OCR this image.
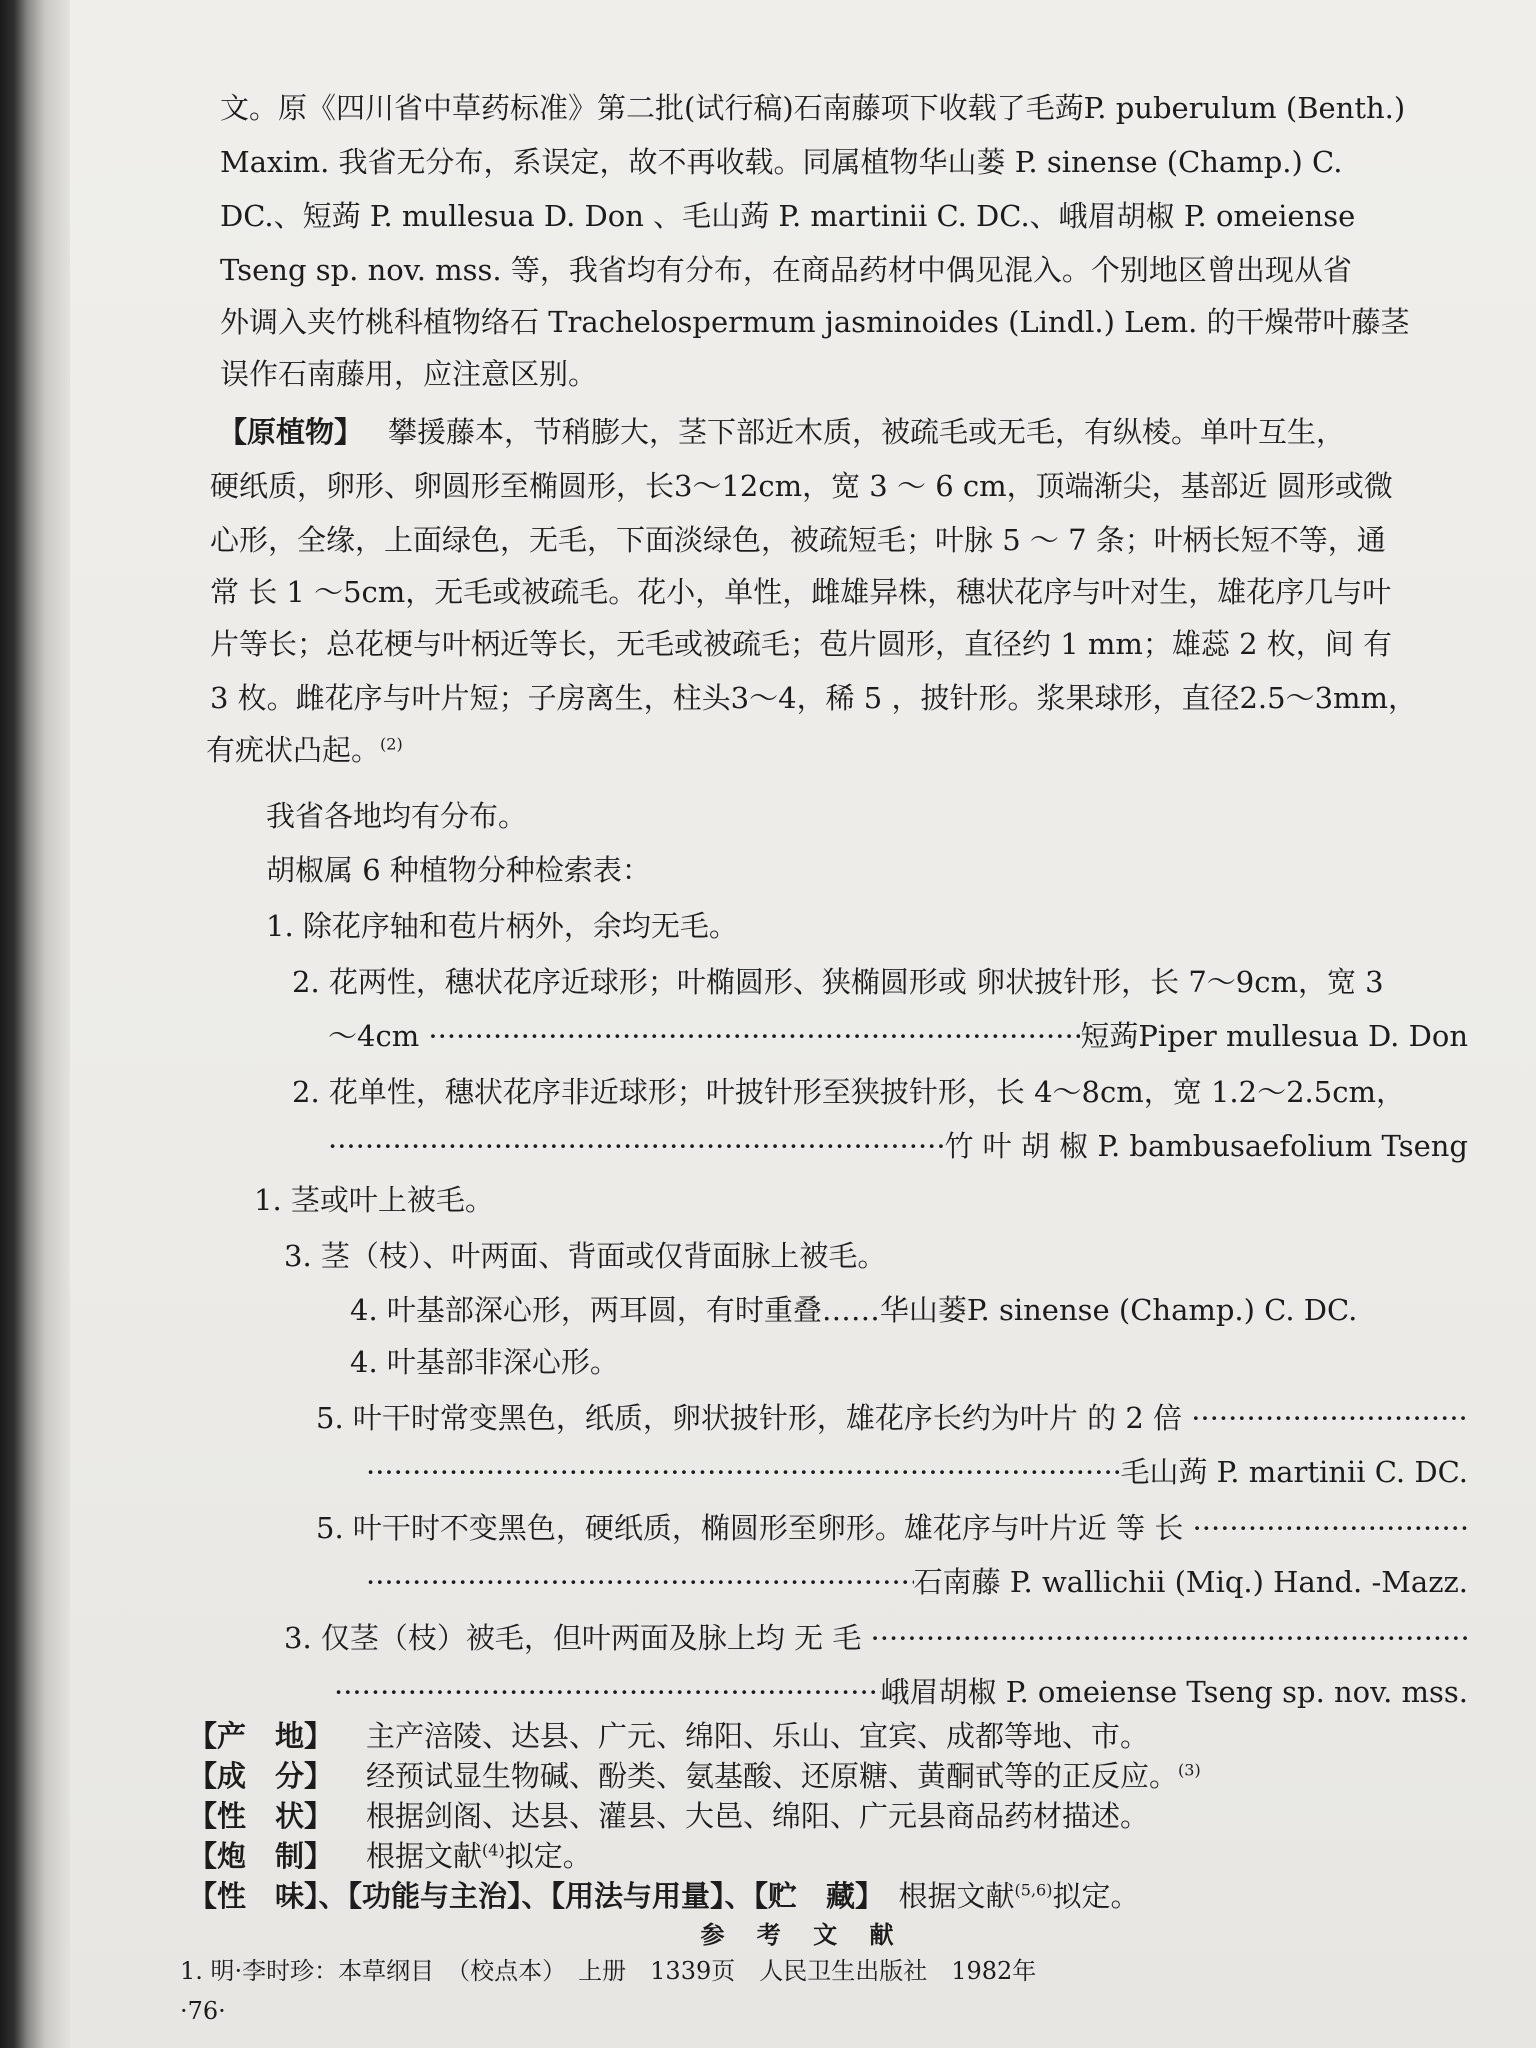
文。原《四川省中草药标准》第二批(试行稿)石南藤项下收载了毛蒟P. puberulum (Benth.)
Maxim. 我省无分布，系误定，故不再收载。同属植物华山蒌 P. sinense (Champ.) C.
DC.、短蒟 P. mullesua D. Don 、毛山蒟 P. martinii C. DC.、峨眉胡椒 P. omeiense
Tseng sp. nov. mss. 等，我省均有分布，在商品药材中偶见混入。个别地区曾出现从省
外调入夹竹桃科植物络石 Trachelospermum jasminoides (Lindl.) Lem. 的干燥带叶藤茎
误作石南藤用，应注意区别。
【原植物】 攀援藤本，节稍膨大，茎下部近木质，被疏毛或无毛，有纵棱。单叶互生，
硬纸质，卵形、卵圆形至椭圆形，长3～12cm，宽 3 ～ 6 cm，顶端渐尖，基部近 圆形或微
心形，全缘，上面绿色，无毛，下面淡绿色，被疏短毛；叶脉 5 ～ 7 条；叶柄长短不等，通
常 长 1 ～5cm，无毛或被疏毛。花小，单性，雌雄异株，穗状花序与叶对生，雄花序几与叶
片等长；总花梗与叶柄近等长，无毛或被疏毛；苞片圆形，直径约 1 mm；雄蕊 2 枚，间 有
3 枚。雌花序与叶片短；子房离生，柱头3～4，稀 5 ，披针形。浆果球形，直径2.5～3mm，
有疣状凸起。$^{(2)}$
我省各地均有分布。
胡椒属 6 种植物分种检索表：
1. 除花序轴和苞片柄外，余均无毛。
2. 花两性，穗状花序近球形；叶椭圆形、狭椭圆形或 卵状披针形，长 7～9cm，宽 3
～4cm ·····	短蒟Piper mullesua D. Don
2. 花单性，穗状花序非近球形；叶披针形至狭披针形，长 4～8cm，宽 1.2～2.5cm，
·····
竹 叶 胡 椒 P. bambusaefolium Tseng
1. 茎或叶上被毛。
3. 茎（枝）、叶两面、背面或仅背面脉上被毛。
4. 叶基部深心形，两耳圆，有时重叠……华山蒌P. sinense (Champ.) C. DC.
4. 叶基部非深心形。
5. 叶干时常变黑色，纸质，卵状披针形，雄花序长约为叶片 的 2 倍 ·····
·····
毛山蒟 P. martinii C. DC.
5. 叶干时不变黑色，硬纸质，椭圆形至卵形。雄花序与叶片近 等 长 ·····
·····
石南藤 P. wallichii (Miq.) Hand. -Mazz.
3. 仅茎（枝）被毛，但叶两面及脉上均 无 毛 ·····
·····
峨眉胡椒 P. omeiense Tseng sp. nov. mss.
【产　地】 主产涪陵、达县、广元、绵阳、乐山、宜宾、成都等地、市。
【成　分】 经预试显生物碱、酚类、氨基酸、还原糖、黄酮甙等的正反应。$^{(3)}$
【性　状】 根据剑阁、达县、灌县、大邑、绵阳、广元县商品药材描述。
【炮　制】 根据文献$^{(4)}$拟定。
【性　味】、【功能与主治】、【用法与用量】、【贮　藏】　 根据文献$^{(5,6)}$拟定。
1. 明·李时珍：本草纲目　（校点本）　上册　1339页　人民卫生出版社　1982年
参 考 文 献
·76·
